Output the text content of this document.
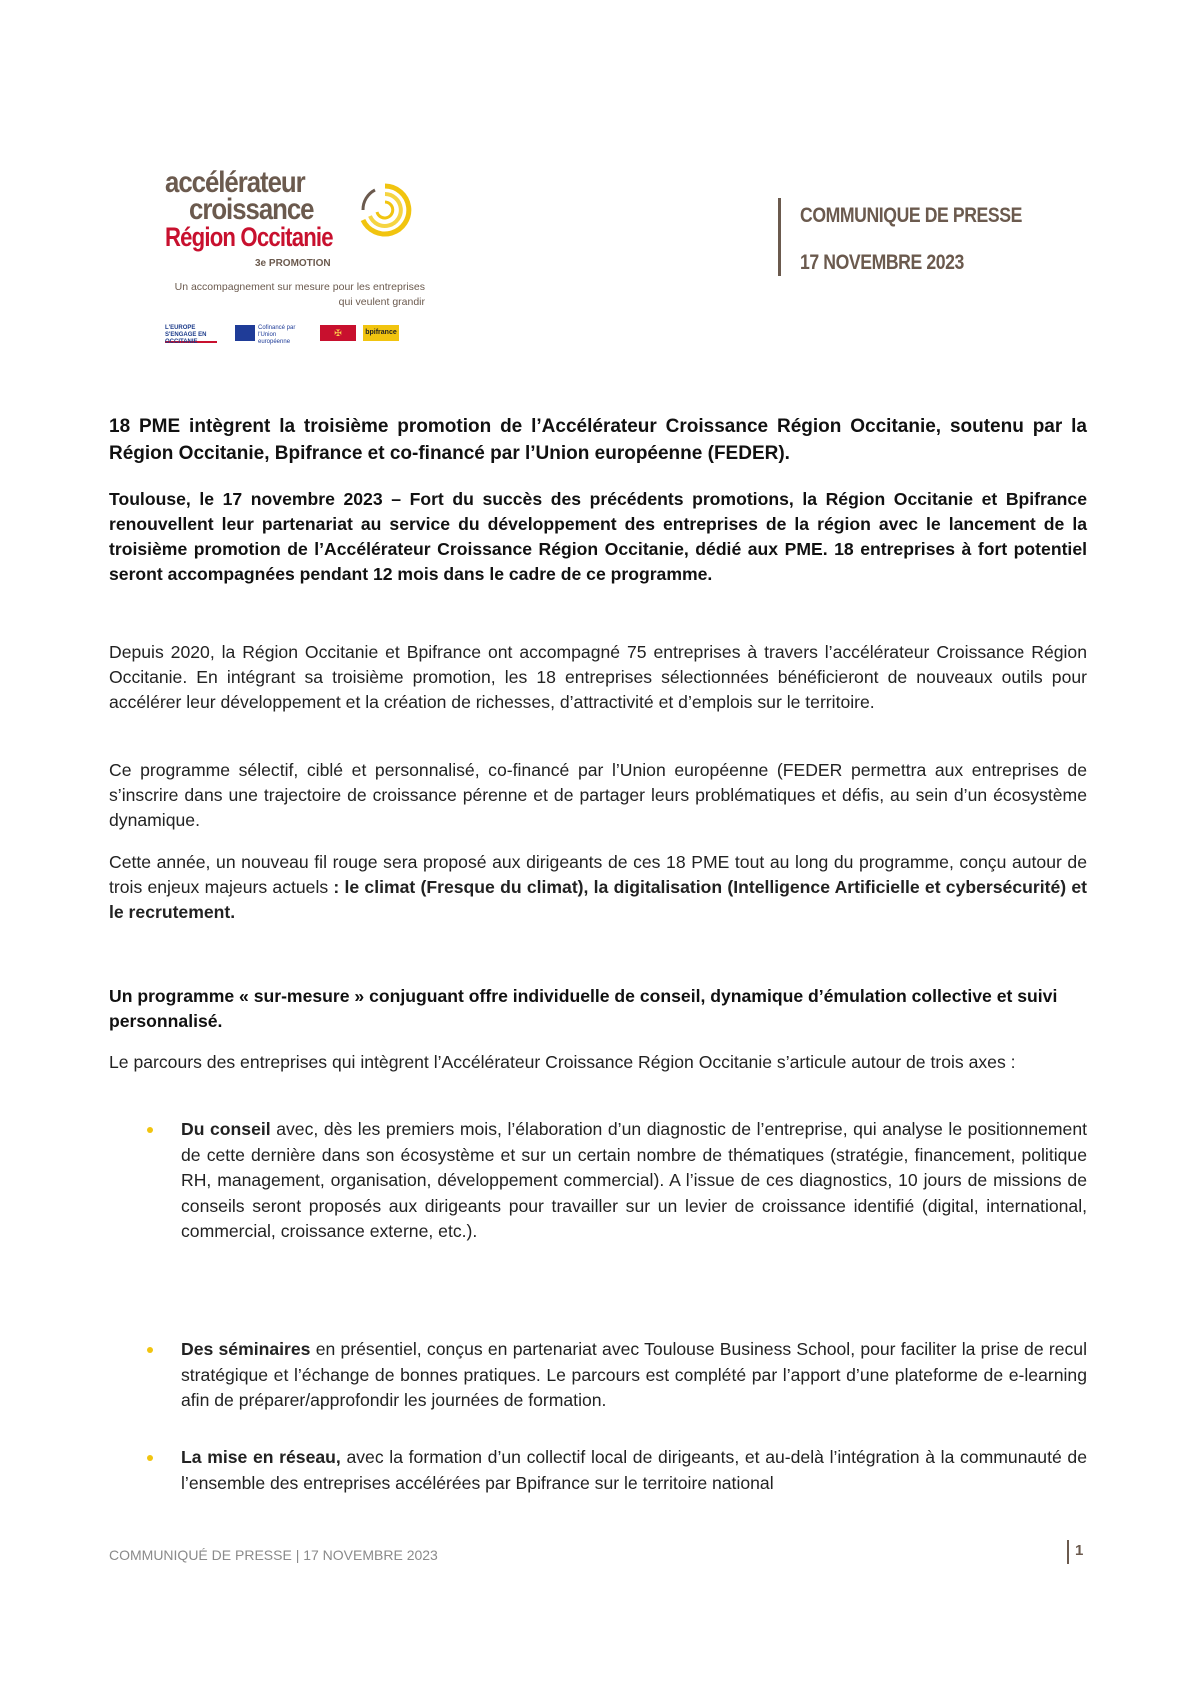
accélérateur
croissance
Région Occitanie
3e PROMOTION
Un accompagnement sur mesure pour les entreprises
qui veulent grandir
L'EUROPE S'ENGAGE EN OCCITANIE
Cofinancé par l'Union européenne
✠	bpifrance
COMMUNIQUE DE PRESSE
17 NOVEMBRE 2023

18 PME intègrent la troisième promotion de l’Accélérateur Croissance Région Occitanie, soutenu par la Région Occitanie, Bpifrance et co-financé par l’Union européenne (FEDER).

Toulouse, le 17 novembre 2023 – Fort du succès des précédents promotions, la Région Occitanie et Bpifrance renouvellent leur partenariat au service du développement des entreprises de la région avec le lancement de la troisième promotion de l’Accélérateur Croissance Région Occitanie, dédié aux PME. 18 entreprises à fort potentiel seront accompagnées pendant 12 mois dans le cadre de ce programme.

Depuis 2020, la Région Occitanie et Bpifrance ont accompagné 75 entreprises à travers l’accélérateur Croissance Région Occitanie. En intégrant sa troisième promotion, les 18 entreprises sélectionnées bénéficieront de nouveaux outils pour accélérer leur développement et la création de richesses, d’attractivité et d’emplois sur le territoire.

Ce programme sélectif, ciblé et personnalisé, co-financé par l’Union européenne (FEDER permettra aux entreprises de s’inscrire dans une trajectoire de croissance pérenne et de partager leurs problématiques et défis, au sein d’un écosystème dynamique.

Cette année, un nouveau fil rouge sera proposé aux dirigeants de ces 18 PME tout au long du programme, conçu autour de trois enjeux majeurs actuels : le climat (Fresque du climat), la digitalisation (Intelligence Artificielle et cybersécurité) et le recrutement.

Un programme « sur-mesure » conjuguant offre individuelle de conseil, dynamique d’émulation collective et suivi personnalisé.

Le parcours des entreprises qui intègrent l’Accélérateur Croissance Région Occitanie s’articule autour de trois axes :

Du conseil avec, dès les premiers mois, l’élaboration d’un diagnostic de l’entreprise, qui analyse le positionnement de cette dernière dans son écosystème et sur un certain nombre de thématiques (stratégie, financement, politique RH, management, organisation, développement commercial). A l’issue de ces diagnostics, 10 jours de missions de conseils seront proposés aux dirigeants pour travailler sur un levier de croissance identifié (digital, international, commercial, croissance externe, etc.).

Des séminaires en présentiel, conçus en partenariat avec Toulouse Business School, pour faciliter la prise de recul stratégique et l’échange de bonnes pratiques. Le parcours est complété par l’apport d’une plateforme de e-learning afin de préparer/approfondir les journées de formation.

La mise en réseau, avec la formation d’un collectif local de dirigeants, et au-delà l’intégration à la communauté de l’ensemble des entreprises accélérées par Bpifrance sur le territoire national

COMMUNIQUÉ DE PRESSE | 17 NOVEMBRE 2023	1
